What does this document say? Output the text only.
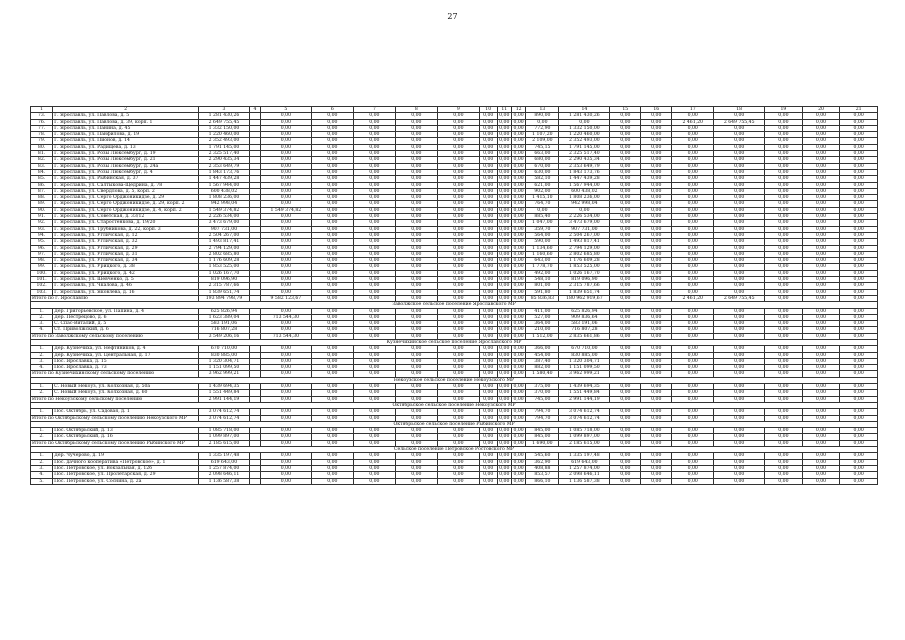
27
1	2	3	4	5	6	7	8	9	10	11	12	13	14	15	16	17	18	19	20	21
73.	Г. Ярославль, ул. Павлова, д. 5	1 281 430,26		0,00	0,00	0,00	0,00	0,00	0,00	0,00	0,00	890,00	1 281 430,26	0,00	0,00	0,00	0,00	0,00	0,00	0,00
76.	Г. Ярославль, ул. Павлова, д. 39, корп. 1	2 649 755,45		0,00	0,00	0,00	0,00	0,00	0,00	0,00	0,00	0,00	0,00	0,00	0,00	2 461,20	2 649 755,45	0,00	0,00	0,00
77.	Г. Ярославль, ул. Панина, д. 45	1 332 150,00		0,00	0,00	0,00	0,00	0,00	0,00	0,00	0,00	772,90	1 332 150,00	0,00	0,00	0,00	0,00	0,00	0,00	0,00
78.	Г. Ярославль, ул. Панфилова, д. 19	1 220 460,00		0,00	0,00	0,00	0,00	0,00	0,00	0,00	0,00	1 107,20	1 220 460,00	0,00	0,00	0,00	0,00	0,00	0,00	0,00
79.	Г. Ярославль, ул. Пионов, д. 14	2 352 493,00		0,00	0,00	0,00	0,00	0,00	0,00	0,00	0,00	2 109,00	2 352 493,00	0,00	0,00	0,00	0,00	0,00	0,00	0,00
80.	Г. Ярославль, ул. Радищева, д. 13	1 791 145,00		0,00	0,00	0,00	0,00	0,00	0,00	0,00	0,00	745,15	1 791 145,00	0,00	0,00	0,00	0,00	0,00	0,00	0,00
81.	Г. Ярославль, ул. Розы Люксембург, д. 19	2 325 517,40		0,00	0,00	0,00	0,00	0,00	0,00	0,00	0,00	663,00	2 325 517,40	0,00	0,00	0,00	0,00	0,00	0,00	0,00
82.	Г. Ярославль, ул. Розы Люксембург, д. 21	2 290 435,34		0,00	0,00	0,00	0,00	0,00	0,00	0,00	0,00	680,00	2 290 435,34	0,00	0,00	0,00	0,00	0,00	0,00	0,00
83.	Г. Ярославль, ул. Розы Люксембург, д. 24а	2 353 649,79		0,00	0,00	0,00	0,00	0,00	0,00	0,00	0,00	670,00	2 353 649,79	0,00	0,00	0,00	0,00	0,00	0,00	0,00
84.	Г. Ярославль, ул. Розы Люксембург, д. 4	1 843 173,76		0,00	0,00	0,00	0,00	0,00	0,00	0,00	0,00	630,00	1 843 173,76	0,00	0,00	0,00	0,00	0,00	0,00	0,00
85.	Г. Ярославль, ул. Рыбинская, д. 37	1 447 439,28		0,00	0,00	0,00	0,00	0,00	0,00	0,00	0,00	582,10	1 447 439,28	0,00	0,00	0,00	0,00	0,00	0,00	0,00
86.	Г. Ярославль, ул. Салтыкова-Щедрина, д. 78	1 567 944,00		0,00	0,00	0,00	0,00	0,00	0,00	0,00	0,00	621,00	1 567 944,00	0,00	0,00	0,00	0,00	0,00	0,00	0,00
87.	Г. Ярославль, ул. Свердлова, д. 5, корп. 2	600 438,02		0,00	0,00	0,00	0,00	0,00	0,00	0,00	0,00	902,00	600 438,02	0,00	0,00	0,00	0,00	0,00	0,00	0,00
88.	Г. Ярославль, ул. Серго Орджоникидзе, д. 29	1 808 236,00		0,00	0,00	0,00	0,00	0,00	0,00	0,00	0,00	1 415,10	1 808 236,00	0,00	0,00	0,00	0,00	0,00	0,00	0,00
89.	Г. Ярославль, ул. Серго Орджоникидзе, д. 29, корп. 2	942 998,04		0,00	0,00	0,00	0,00	0,00	0,00	0,00	0,00	764,70	942 998,04	0,00	0,00	0,00	0,00	0,00	0,00	0,00
90.	Г. Ярославль, ул. Серго Орджоникидзе, д. 4, корп. 2	1 549 374,82		1 549 374,82	0,00	0,00	0,00	0,00	0,00	0,00	0,00	0,00	0,00	0,00	0,00	0,00	0,00	0,00	0,00	0,00
91.	Г. Ярославль, ул. Советская, д. 33/12	2 226 534,00		0,00	0,00	0,00	0,00	0,00	0,00	0,00	0,00	885,40	2 226 534,00	0,00	0,00	0,00	0,00	0,00	0,00	0,00
92.	Г. Ярославль, ул. Старостенкова, д. 19/20	3 473 679,00		0,00	0,00	0,00	0,00	0,00	0,00	0,00	0,00	1 047,00	3 473 679,00	0,00	0,00	0,00	0,00	0,00	0,00	0,00
93.	Г. Ярославль, ул. Трубникова, д. 22, корп. 3	907 731,00		0,00	0,00	0,00	0,00	0,00	0,00	0,00	0,00	359,70	907 731,00	0,00	0,00	0,00	0,00	0,00	0,00	0,00
94.	Г. Ярославль, ул. Угличская, д. 12	2 504 267,00		0,00	0,00	0,00	0,00	0,00	0,00	0,00	0,00	564,00	2 504 267,00	0,00	0,00	0,00	0,00	0,00	0,00	0,00
95.	Г. Ярославль, ул. Угличская, д. 32	1 493 817,41		0,00	0,00	0,00	0,00	0,00	0,00	0,00	0,00	590,00	1 493 817,41	0,00	0,00	0,00	0,00	0,00	0,00	0,00
96.	Г. Ярославль, ул. Угличская, д. 29	2 794 129,00		0,00	0,00	0,00	0,00	0,00	0,00	0,00	0,00	1 134,60	2 794 129,00	0,00	0,00	0,00	0,00	0,00	0,00	0,00
97.	Г. Ярославль, ул. Угличская, д. 31	2 802 685,80		0,00	0,00	0,00	0,00	0,00	0,00	0,00	0,00	1 160,60	2 802 685,80	0,00	0,00	0,00	0,00	0,00	0,00	0,00
98.	Г. Ярославль, ул. Угличская, д. 34	1 176 609,28		0,00	0,00	0,00	0,00	0,00	0,00	0,00	0,00	643,00	1 176 609,28	0,00	0,00	0,00	0,00	0,00	0,00	0,00
99.	Г. Ярославль, ул. Урицкого, д. 38	1 853 525,00		0,00	0,00	0,00	0,00	0,00	0,00	0,00	0,00	1 778,70	1 853 525,00	0,00	0,00	0,00	0,00	0,00	0,00	0,00
100.	Г. Ярославль, ул. Урицкого, д. 42	1 026 167,70		0,00	0,00	0,00	0,00	0,00	0,00	0,00	0,00	492,00	1 026 167,70	0,00	0,00	0,00	0,00	0,00	0,00	0,00
101.	Г. Ярославль, ул. Шевченко, д. 5	819 096,90		0,00	0,00	0,00	0,00	0,00	0,00	0,00	0,00	548,10	819 096,90	0,00	0,00	0,00	0,00	0,00	0,00	0,00
102.	Г. Ярославль, ул. Чкалова, д. 46	2 315 787,66		0,00	0,00	0,00	0,00	0,00	0,00	0,00	0,00	801,00	2 315 787,66	0,00	0,00	0,00	0,00	0,00	0,00	0,00
103.	Г. Ярославль, ул. Яковлева, д. 16	1 839 651,74		0,00	0,00	0,00	0,00	0,00	0,00	0,00	0,00	591,80	1 839 651,74	0,00	0,00	0,00	0,00	0,00	0,00	0,00
Итого по г. Ярославлю		193 894 798,79		9 582 123,67	0,00	0,00	0,00	0,00	0,00	0,00	0,00	85 836,83	180 962 919,67	0,00	0,00	2 461,20	2 649 755,45	0,00	0,00	0,00
Заволжское сельское поселение Ярославского МР																				
1.	Дер. Григорьевское, ул. Папина, д. 4	625 826,94		0,00	0,00	0,00	0,00	0,00	0,00	0,00	0,00	411,00	625 826,94	0,00	0,00	0,00	0,00	0,00	0,00	0,00
2.	Дер. Пестрецово, д. 6	1 623 389,04		713 544,30	0,00	0,00	0,00	0,00	0,00	0,00	0,00	527,00	909 836,64	0,00	0,00	0,00	0,00	0,00	0,00	0,00
3.	С. Спас-Виталий, д. 5	583 191,06		0,00	0,00	0,00	0,00	0,00	0,00	0,00	0,00	364,00	583 191,06	0,00	0,00	0,00	0,00	0,00	0,00	0,00
4.	Ст. Приволжский, д. 6	716 807,28		0,00	0,00	0,00	0,00	0,00	0,00	0,00	0,00	210,00	716 807,28	0,00	0,00	0,00	0,00	0,00	0,00	0,00
Итого по Заволжскому сельскому поселению		3 549 206,16		713 544,30	0,00	0,00	0,00	0,00	0,00	0,00	0,00	1 512,00	2 835 661,86	0,00	0,00	0,00	0,00	0,00	0,00	0,00
Кузнечихинское сельское поселение Ярославского МР																				
1.	Дер. Кузнечиха, ул. Нефтяников, д. 4	670 710,00		0,00	0,00	0,00	0,00	0,00	0,00	0,00	0,00	366,00	670 710,00	0,00	0,00	0,00	0,00	0,00	0,00	0,00
2.	Дер. Кузнечиха, ул. Центральная, д. 17	830 885,00		0,00	0,00	0,00	0,00	0,00	0,00	0,00	0,00	454,00	830 885,00	0,00	0,00	0,00	0,00	0,00	0,00	0,00
3.	Пос. Ярославка, д. 15	1 320 304,71		0,00	0,00	0,00	0,00	0,00	0,00	0,00	0,00	387,40	1 320 304,71	0,00	0,00	0,00	0,00	0,00	0,00	0,00
4.	Пос. Ярославка, д. 73	1 151 099,50		0,00	0,00	0,00	0,00	0,00	0,00	0,00	0,00	882,00	1 151 099,50	0,00	0,00	0,00	0,00	0,00	0,00	0,00
Итого по Кузнечихинскому сельскому поселению		3 962 999,21		0,00	0,00	0,00	0,00	0,00	0,00	0,00	0,00	1 580,40	3 962 999,21	0,00	0,00	0,00	0,00	0,00	0,00	0,00
Некоузское сельское поселение Некоузского МР																				
1.	С. Новый Некоуз, ул. Колхозная, д. 50а	1 439 694,35		0,00	0,00	0,00	0,00	0,00	0,00	0,00	0,00	375,00	1 439 694,35	0,00	0,00	0,00	0,00	0,00	0,00	0,00
2.	С. Новый Некоуз, ул. Колхозная, д. 60	1 551 449,84		0,00	0,00	0,00	0,00	0,00	0,00	0,00	0,00	370,00	1 551 449,84	0,00	0,00	0,00	0,00	0,00	0,00	0,00
Итого по Некоузскому сельскому поселению		2 991 144,19		0,00	0,00	0,00	0,00	0,00	0,00	0,00	0,00	745,00	2 991 144,19	0,00	0,00	0,00	0,00	0,00	0,00	0,00
Октябрьское сельское поселение Некоузского МР																				
1.	Пос. Октябрь, ул. Садовая, д. 1	3 074 612,74		0,00	0,00	0,00	0,00	0,00	0,00	0,00	0,00	794,70	3 074 612,74	0,00	0,00	0,00	0,00	0,00	0,00	0,00
Итого по Октябрьскому сельскому поселению Некоузского МР		3 074 612,74		0,00	0,00	0,00	0,00	0,00	0,00	0,00	0,00	794,70	3 074 612,74	0,00	0,00	0,00	0,00	0,00	0,00	0,00
Октябрьское сельское поселение Рыбинского МР																				
1.	Пос. Октябрьский, д. 13	1 085 718,00		0,00	0,00	0,00	0,00	0,00	0,00	0,00	0,00	845,00	1 085 718,00	0,00	0,00	0,00	0,00	0,00	0,00	0,00
2.	Пос. Октябрьский, д. 16	1 099 897,00		0,00	0,00	0,00	0,00	0,00	0,00	0,00	0,00	845,00	1 099 897,00	0,00	0,00	0,00	0,00	0,00	0,00	0,00
Итого по Октябрьскому сельскому поселению Рыбинского МР		2 185 615,00		0,00	0,00	0,00	0,00	0,00	0,00	0,00	0,00	1 690,00	2 185 615,00	0,00	0,00	0,00	0,00	0,00	0,00	0,00
Сельское поселение Петровское Ростовского МР																				
1.	Дер. Чучерово, д. 19	1 335 197,48		0,00	0,00	0,00	0,00	0,00	0,00	0,00	0,00	545,60	1 335 197,48	0,00	0,00	0,00	0,00	0,00	0,00	0,00
2.	Пос. дачного кооператива «Петровское», д. 1	619 643,00		0,00	0,00	0,00	0,00	0,00	0,00	0,00	0,00	362,90	619 643,00	0,00	0,00	0,00	0,00	0,00	0,00	0,00
3.	Пос. Петровское, ул. Вокзальная, д. 12б	1 257 874,00		0,00	0,00	0,00	0,00	0,00	0,00	0,00	0,00	408,88	1 257 874,00	0,00	0,00	0,00	0,00	0,00	0,00	0,00
4.	Пос. Петровское, ул. Пролетарская, д. 29	2 098 646,11		0,00	0,00	0,00	0,00	0,00	0,00	0,00	0,00	853,57	2 098 646,11	0,00	0,00	0,00	0,00	0,00	0,00	0,00
5.	Пос. Петровское, ул. Соснина, д. 2а	1 136 587,38		0,00	0,00	0,00	0,00	0,00	0,00	0,00	0,00	866,10	1 136 587,38	0,00	0,00	0,00	0,00	0,00	0,00	0,00
